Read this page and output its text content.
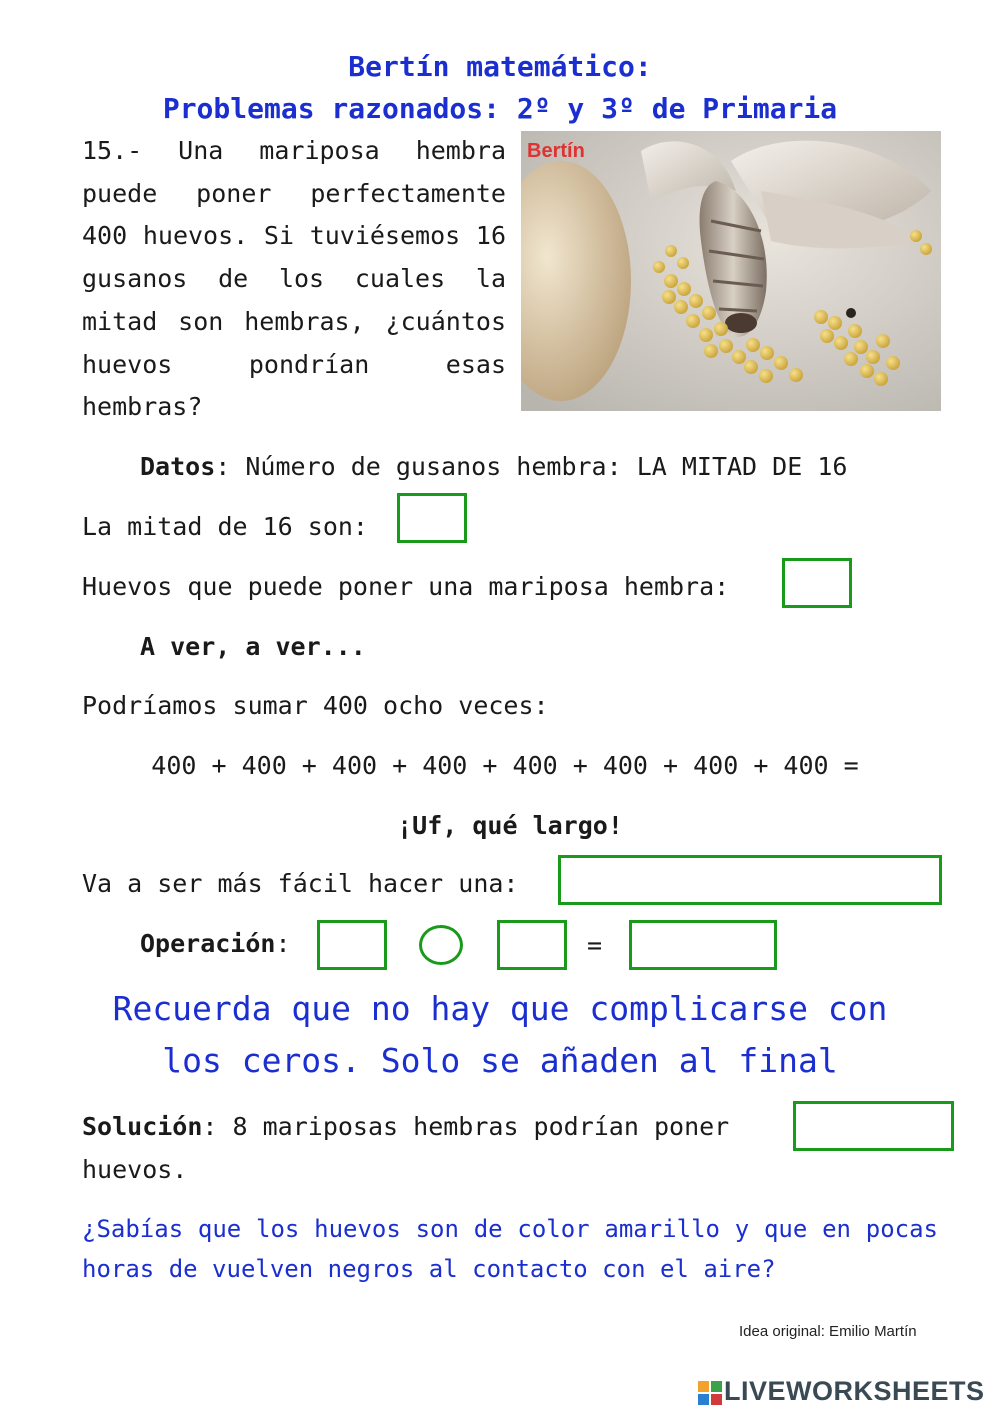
Bertín matemático:
Problemas razonados: 2º y 3º de Primaria
15.- Una mariposa hembra puede poner perfectamente 400 huevos. Si tuviésemos 16 gusanos de los cuales la mitad son hembras, ¿cuántos huevos pondrían esas hembras?
Bertín
Datos: Número de gusanos hembra: LA MITAD DE 16
La mitad de 16 son:
Huevos que puede poner una mariposa hembra:
A ver, a ver...
Podríamos sumar 400 ocho veces:
400 + 400 + 400 + 400 + 400 + 400 + 400 + 400 =
¡Uf, qué largo!
Va a ser más fácil hacer una:
Operación:	=
Recuerda que no hay que complicarse con
los ceros. Solo se añaden al final
Solución: 8 mariposas hembras podrían poner
huevos.
¿Sabías que los huevos son de color amarillo y que en pocas horas de vuelven negros al contacto con el aire?
Idea original: Emilio Martín
LIVEWORKSHEETS
